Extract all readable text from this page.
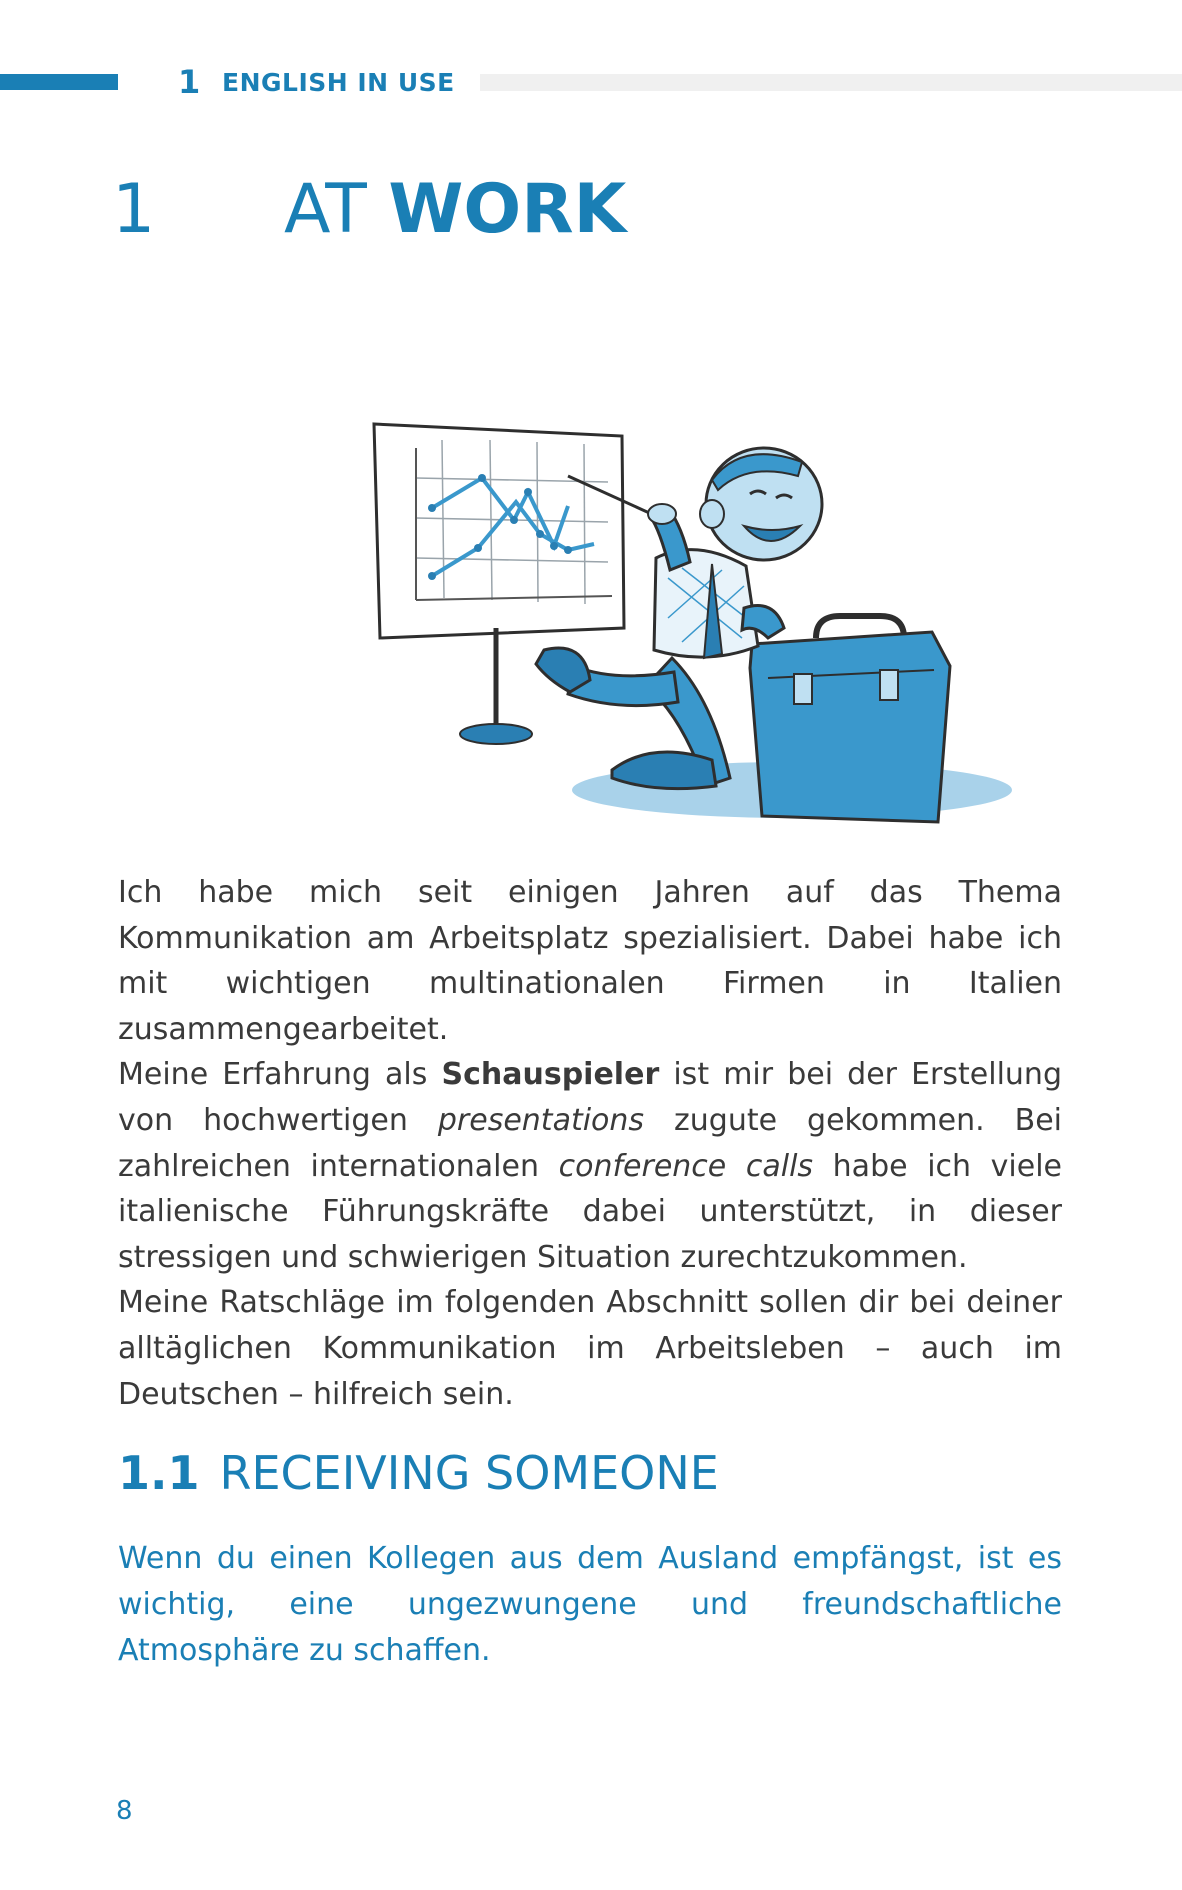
1 ENGLISH IN USE
1 AT WORK

Ich habe mich seit einigen Jahren auf das Thema Kommunikation am Arbeitsplatz spezialisiert. Dabei habe ich mit wichtigen multinationalen Firmen in Italien zusammengearbeitet.

Meine Erfahrung als Schauspieler ist mir bei der Erstellung von hochwertigen presentations zugute gekommen. Bei zahlreichen internationalen conference calls habe ich viele italienische Führungskräfte dabei unterstützt, in dieser stressigen und schwierigen Situation zurechtzukommen.

Meine Ratschläge im folgenden Abschnitt sollen dir bei deiner alltäglichen Kommunikation im Arbeitsleben – auch im Deutschen – hilfreich sein.

1.1 RECEIVING SOMEONE
Wenn du einen Kollegen aus dem Ausland empfängst, ist es wichtig, eine ungezwungene und freundschaftliche Atmosphäre zu schaffen.
8
